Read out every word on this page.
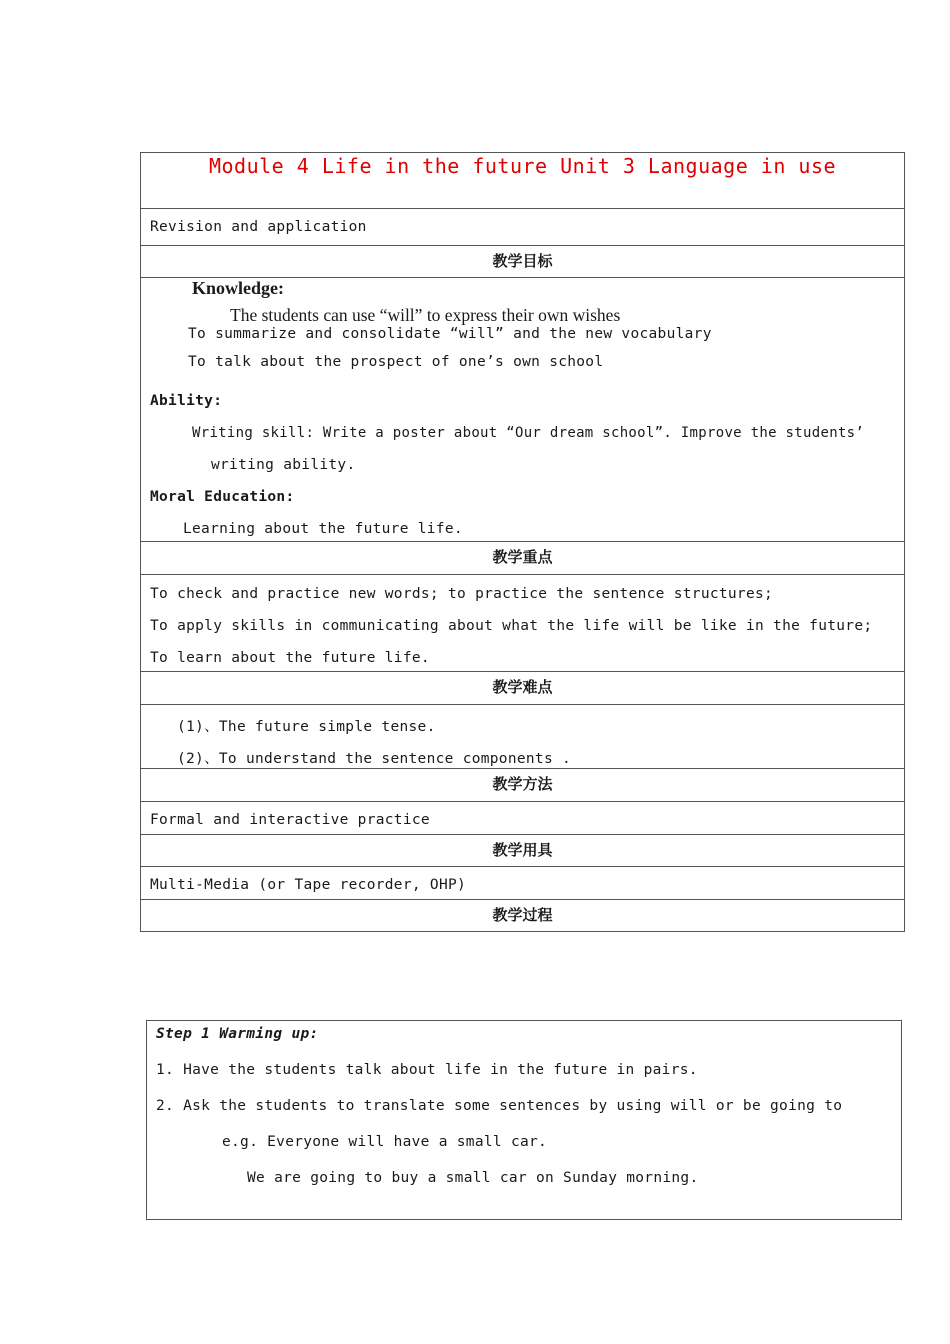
Module 4 Life in the future Unit 3 Language in use
Revision and application
教学目标
Knowledge:
The students can use “will” to express their own wishes
To summarize and consolidate “will” and the new vocabulary
To talk about the prospect of one’s own school
Ability:
Writing skill: Write a poster about “Our dream school”. Improve the students’
writing ability.
Moral Education:
Learning about the future life.
教学重点
To check and practice new words; to practice the sentence structures;
To apply skills in communicating about what the life will be like in the future;
To learn about the future life.
教学难点
(1)、The future simple tense.
(2)、To understand the sentence components .
教学方法
Formal and interactive practice
教学用具
Multi-Media (or Tape recorder, OHP)
教学过程
Step 1 Warming up:
1. Have the students talk about life in the future in pairs.
2. Ask the students to translate some sentences by using will or be going to
e.g. Everyone will have a small car.
We are going to buy a small car on Sunday morning.
